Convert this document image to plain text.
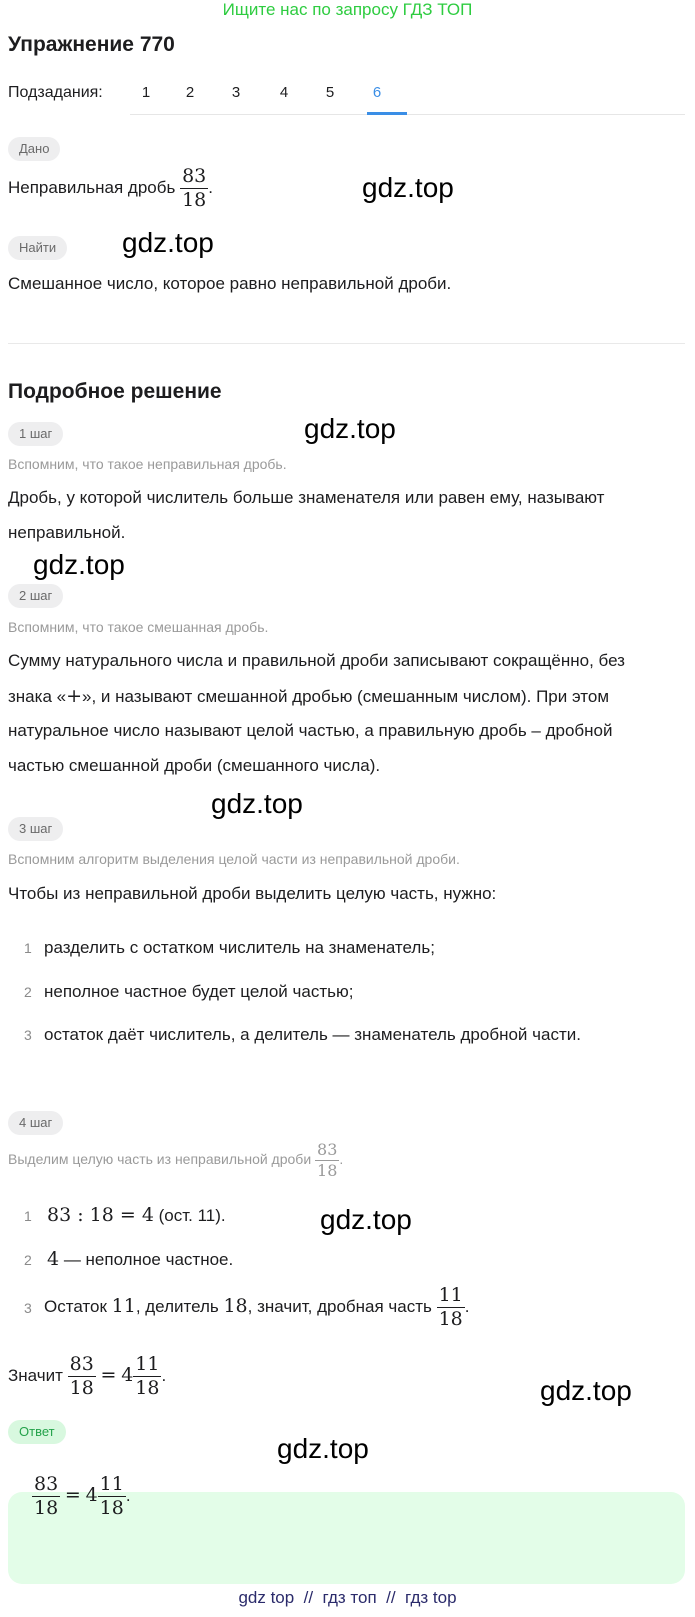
Ищите нас по запросу ГДЗ ТОП
Упражнение 770
Подзадания:	1	2	3	4	5	6
Дано
Неправильная дробь $\frac{83}{18}$ .	gdz.top
Найти	gdz.top
Смешанное число, которое равно неправильной дроби.
Подробное решение
1 шаг	gdz.top
Вспомним, что такое неправильная дробь.
Дробь, у которой числитель больше знаменателя или равен ему, называют
неправильной.
gdz.top
2 шаг
Вспомним, что такое смешанная дробь.
Сумму натурального числа и правильной дроби записывают сокращённо, без
знака «+», и называют смешанной дробью (смешанным числом). При этом
натуральное число называют целой частью, а правильную дробь – дробной
частью смешанной дроби (смешанного числа).
gdz.top
3 шаг
Вспомним алгоритм выделения целой части из неправильной дроби.
Чтобы из неправильной дроби выделить целую часть, нужно:
1 разделить с остатком числитель на знаменатель;
2 неполное частное будет целой частью;
3 остаток даёт числитель, а делитель — знаменатель дробной части.
4 шаг
Выделим целую часть из неправильной дроби $\frac{83}{18}$ .
1 83 : 18 = 4 (ост. 11).	gdz.top
2 4 — неполное частное.
3 Остаток 11, делитель 18, значит, дробная часть $\frac{11}{18}$ .
Значит $\frac{83}{18} = 4 \frac{11}{18}$ .	gdz.top
Ответ
gdz.top
$\frac{83}{18} = 4 \frac{11}{18}$ .
gdz top  //  гдз топ  //  гдз top
